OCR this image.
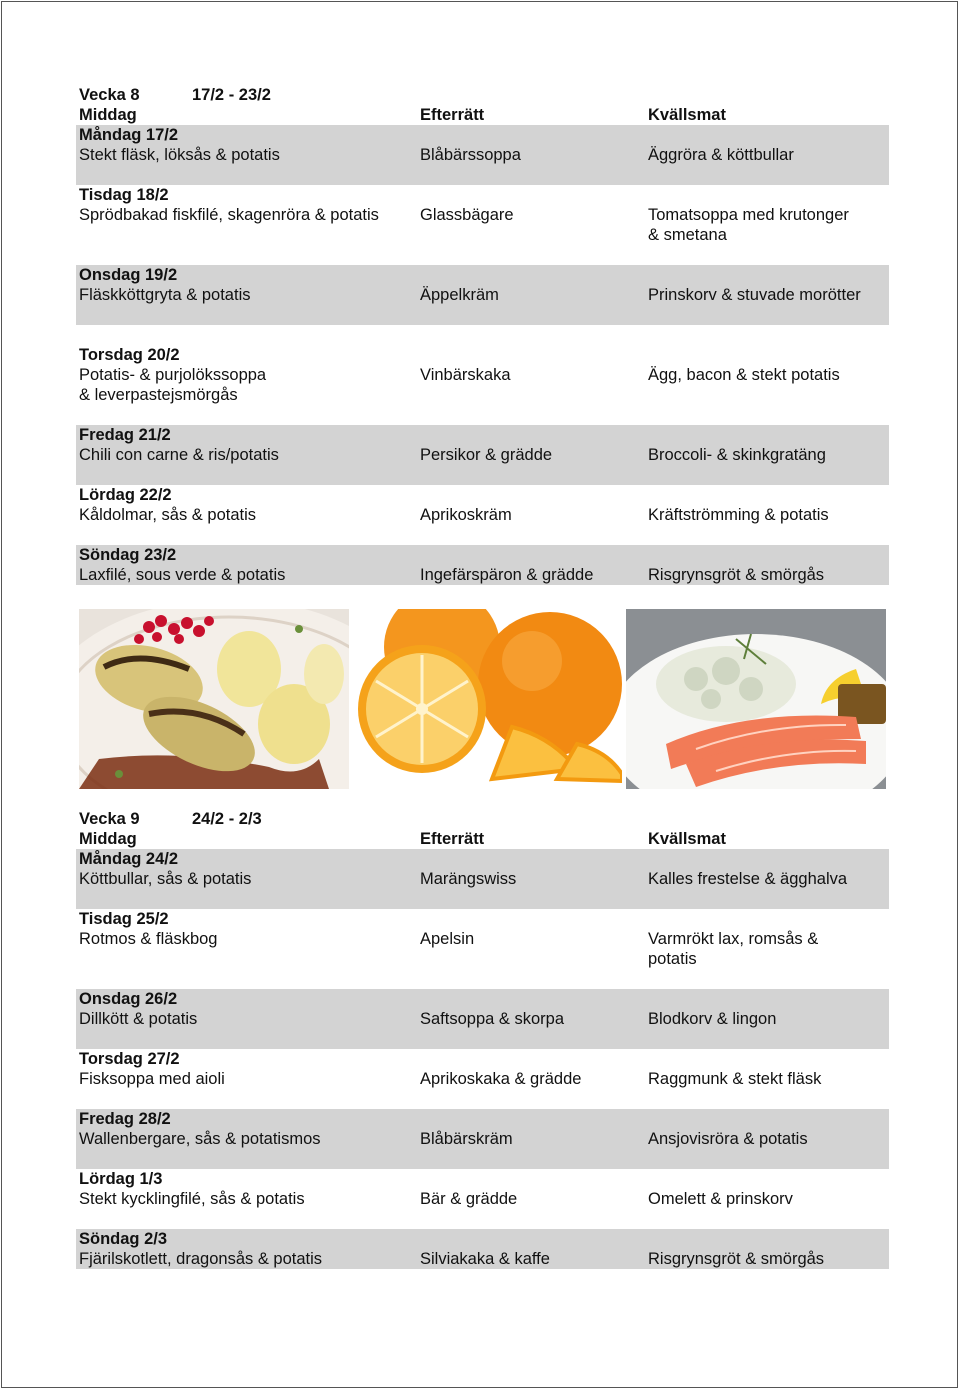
Vecka 8	17/2 - 23/2
Middag	Efterrätt	Kvällsmat
Måndag 17/2
Stekt fläsk, löksås & potatis	Blåbärssoppa	Äggröra & köttbullar
Tisdag 18/2
Sprödbakad fiskfilé, skagenröra & potatis	Glassbägare	Tomatsoppa med krutonger
& smetana
Onsdag 19/2
Fläskköttgryta & potatis	Äppelkräm	Prinskorv & stuvade morötter
Torsdag 20/2
Potatis- & purjolökssoppa
& leverpastejsmörgås
Vinbärskaka	Ägg, bacon & stekt potatis
Fredag 21/2
Chili con carne & ris/potatis	Persikor & grädde	Broccoli- & skinkgratäng
Lördag 22/2
Kåldolmar, sås & potatis	Aprikoskräm	Kräftströmming & potatis
Söndag 23/2
Laxfilé, sous verde & potatis	Ingefärspäron & grädde	Risgrynsgröt & smörgås
Vecka 9	24/2 - 2/3
Middag	Efterrätt	Kvällsmat
Måndag 24/2
Köttbullar, sås & potatis	Marängswiss	Kalles frestelse & ägghalva
Tisdag 25/2
Rotmos & fläskbog	Apelsin	Varmrökt lax, romsås &
potatis
Onsdag 26/2
Dillkött & potatis	Saftsoppa & skorpa	Blodkorv & lingon
Torsdag 27/2
Fisksoppa med aioli	Aprikoskaka & grädde	Raggmunk & stekt fläsk
Fredag 28/2
Wallenbergare, sås & potatismos	Blåbärskräm	Ansjovisröra & potatis
Lördag 1/3
Stekt kycklingfilé, sås & potatis	Bär & grädde	Omelett & prinskorv
Söndag 2/3
Fjärilskotlett, dragonsås & potatis	Silviakaka & kaffe	Risgrynsgröt & smörgås
